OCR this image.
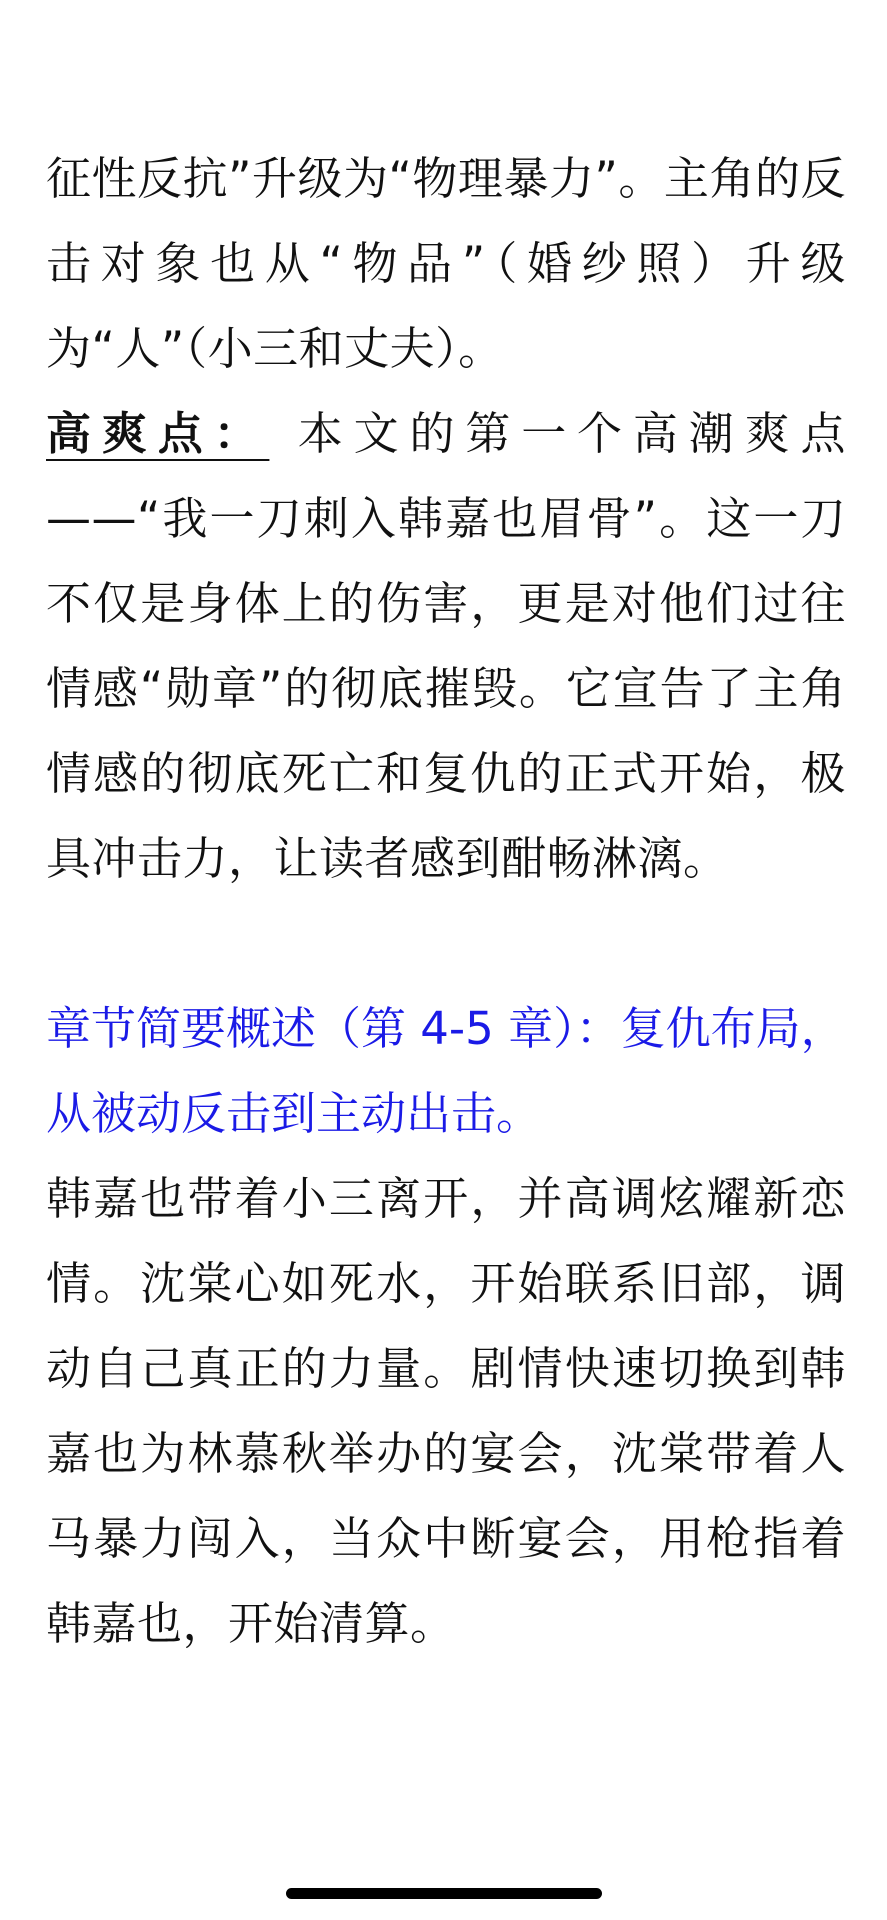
征性反抗”升级为“物理暴力”。主角的反击对象也从“物品”（婚纱照）升级为“人”（小三和丈夫）。

高爽点： 本文的第一个高潮爽点——“我一刀刺入韩嘉也眉骨”。这一刀不仅是身体上的伤害，更是对他们过往情感“勋章”的彻底摧毁。它宣告了主角情感的彻底死亡和复仇的正式开始，极具冲击力，让读者感到酣畅淋漓。

章节简要概述（第 4-5 章）：复仇布局，从被动反击到主动出击。

韩嘉也带着小三离开，并高调炫耀新恋情。沈棠心如死水，开始联系旧部，调动自己真正的力量。剧情快速切换到韩嘉也为林慕秋举办的宴会，沈棠带着人马暴力闯入，当众中断宴会，用枪指着韩嘉也，开始清算。
